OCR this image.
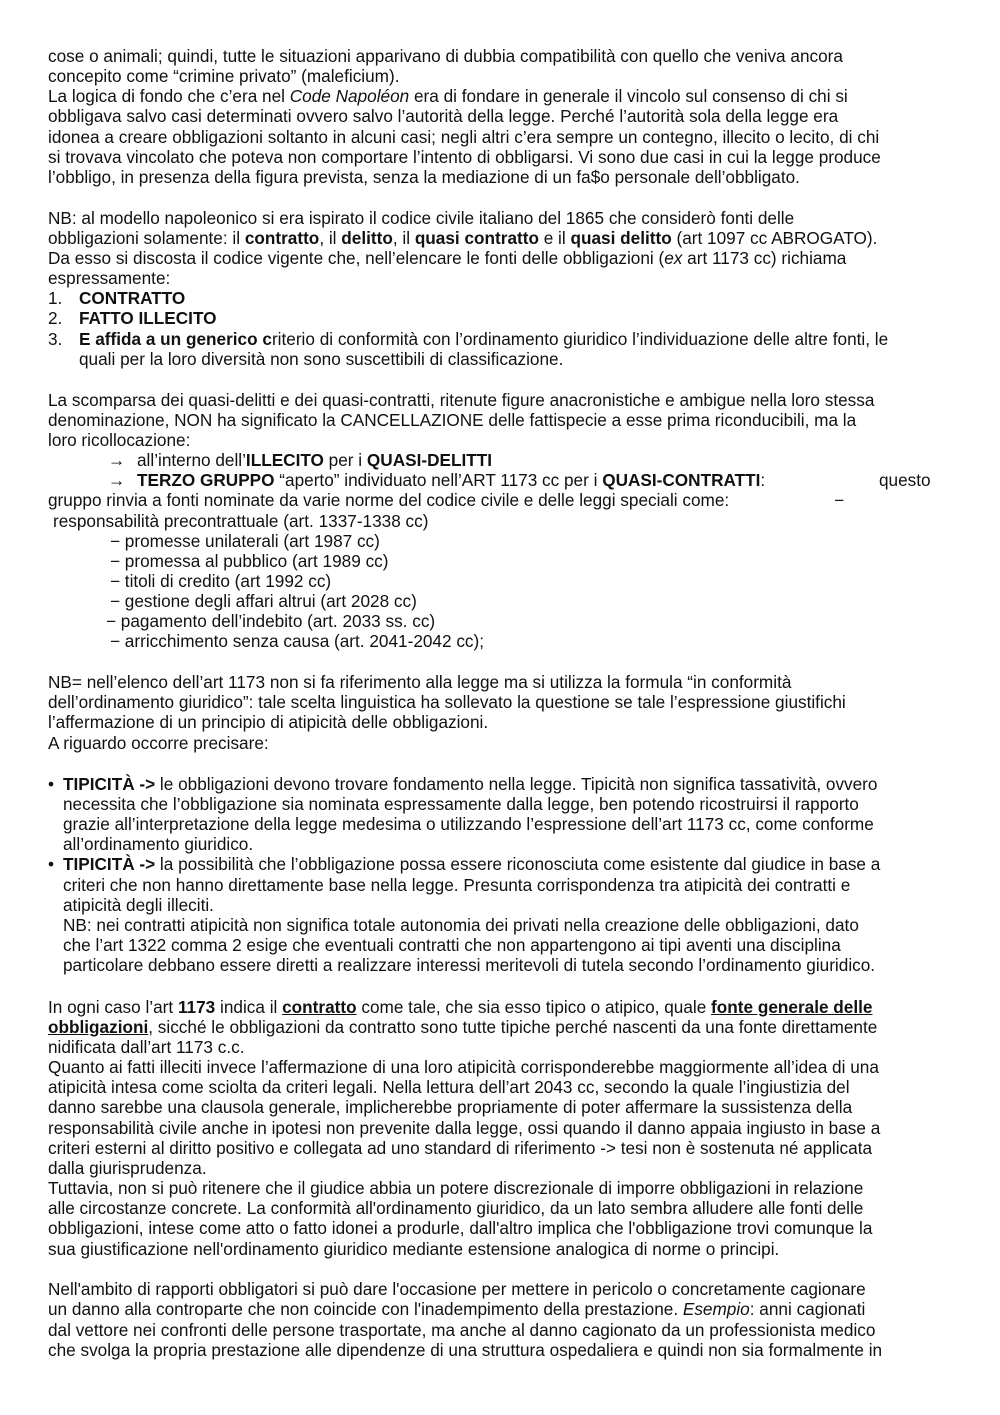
cose o animali; quindi, tutte le situazioni apparivano di dubbia compatibilità con quello che veniva ancora
concepito come “crimine privato” (maleficium).
La logica di fondo che c’era nel Code Napoléon era di fondare in generale il vincolo sul consenso di chi si
obbligava salvo casi determinati ovvero salvo l’autorità della legge. Perché l’autorità sola della legge era
idonea a creare obbligazioni soltanto in alcuni casi; negli altri c’era sempre un contegno, illecito o lecito, di chi
si trovava vincolato che poteva non comportare l’intento di obbligarsi. Vi sono due casi in cui la legge produce
l’obbligo, in presenza della figura prevista, senza la mediazione di un fa$o personale dell’obbligato.
NB: al modello napoleonico si era ispirato il codice civile italiano del 1865 che considerò fonti delle
obbligazioni solamente: il contratto, il delitto, il quasi contratto e il quasi delitto (art 1097 cc ABROGATO).
Da esso si discosta il codice vigente che, nell’elencare le fonti delle obbligazioni (ex art 1173 cc) richiama
espressamente:
1. CONTRATTO
2. FATTO ILLECITO
3. E affida a un generico criterio di conformità con l’ordinamento giuridico l’individuazione delle altre fonti, le
quali per la loro diversità non sono suscettibili di classificazione.
La scomparsa dei quasi-delitti e dei quasi-contratti, ritenute figure anacronistiche e ambigue nella loro stessa
denominazione, NON ha significato la CANCELLAZIONE delle fattispecie a esse prima riconducibili, ma la
loro ricollocazione:
→ all’interno dell’ILLECITO per i QUASI-DELITTI
→ TERZO GRUPPO “aperto” individuato nell’ART 1173 cc per i QUASI-CONTRATTI:	questo
gruppo rinvia a fonti nominate da varie norme del codice civile e delle leggi speciali come:	−
responsabilità precontrattuale (art. 1337-1338 cc)
− promesse unilaterali (art 1987 cc)
− promessa al pubblico (art 1989 cc)
− titoli di credito (art 1992 cc)
− gestione degli affari altrui (art 2028 cc)
− pagamento dell’indebito (art. 2033 ss. cc)
− arricchimento senza causa (art. 2041-2042 cc);
NB= nell’elenco dell’art 1173 non si fa riferimento alla legge ma si utilizza la formula “in conformità
dell’ordinamento giuridico”: tale scelta linguistica ha sollevato la questione se tale l’espressione giustifichi
l’affermazione di un principio di atipicità delle obbligazioni.
A riguardo occorre precisare:
• TIPICITÀ -> le obbligazioni devono trovare fondamento nella legge. Tipicità non significa tassatività, ovvero
necessita che l’obbligazione sia nominata espressamente dalla legge, ben potendo ricostruirsi il rapporto
grazie all’interpretazione della legge medesima o utilizzando l’espressione dell’art 1173 cc, come conforme
all’ordinamento giuridico.
• TIPICITÀ -> la possibilità che l’obbligazione possa essere riconosciuta come esistente dal giudice in base a
criteri che non hanno direttamente base nella legge. Presunta corrispondenza tra atipicità dei contratti e
atipicità degli illeciti.
NB: nei contratti atipicità non significa totale autonomia dei privati nella creazione delle obbligazioni, dato
che l’art 1322 comma 2 esige che eventuali contratti che non appartengono ai tipi aventi una disciplina
particolare debbano essere diretti a realizzare interessi meritevoli di tutela secondo l’ordinamento giuridico.
In ogni caso l’art 1173 indica il contratto come tale, che sia esso tipico o atipico, quale fonte generale delle
obbligazioni, sicché le obbligazioni da contratto sono tutte tipiche perché nascenti da una fonte direttamente
nidificata dall’art 1173 c.c.
Quanto ai fatti illeciti invece l’affermazione di una loro atipicità corrisponderebbe maggiormente all’idea di una
atipicità intesa come sciolta da criteri legali. Nella lettura dell’art 2043 cc, secondo la quale l’ingiustizia del
danno sarebbe una clausola generale, implicherebbe propriamente di poter affermare la sussistenza della
responsabilità civile anche in ipotesi non prevenite dalla legge, ossi quando il danno appaia ingiusto in base a
criteri esterni al diritto positivo e collegata ad uno standard di riferimento -> tesi non è sostenuta né applicata
dalla giurisprudenza.
Tuttavia, non si può ritenere che il giudice abbia un potere discrezionale di imporre obbligazioni in relazione
alle circostanze concrete. La conformità all'ordinamento giuridico, da un lato sembra alludere alle fonti delle
obbligazioni, intese come atto o fatto idonei a produrle, dall'altro implica che l'obbligazione trovi comunque la
sua giustificazione nell'ordinamento giuridico mediante estensione analogica di norme o principi.
Nell'ambito di rapporti obbligatori si può dare l'occasione per mettere in pericolo o concretamente cagionare
un danno alla controparte che non coincide con l'inadempimento della prestazione. Esempio: anni cagionati
dal vettore nei confronti delle persone trasportate, ma anche al danno cagionato da un professionista medico
che svolga la propria prestazione alle dipendenze di una struttura ospedaliera e quindi non sia formalmente in
